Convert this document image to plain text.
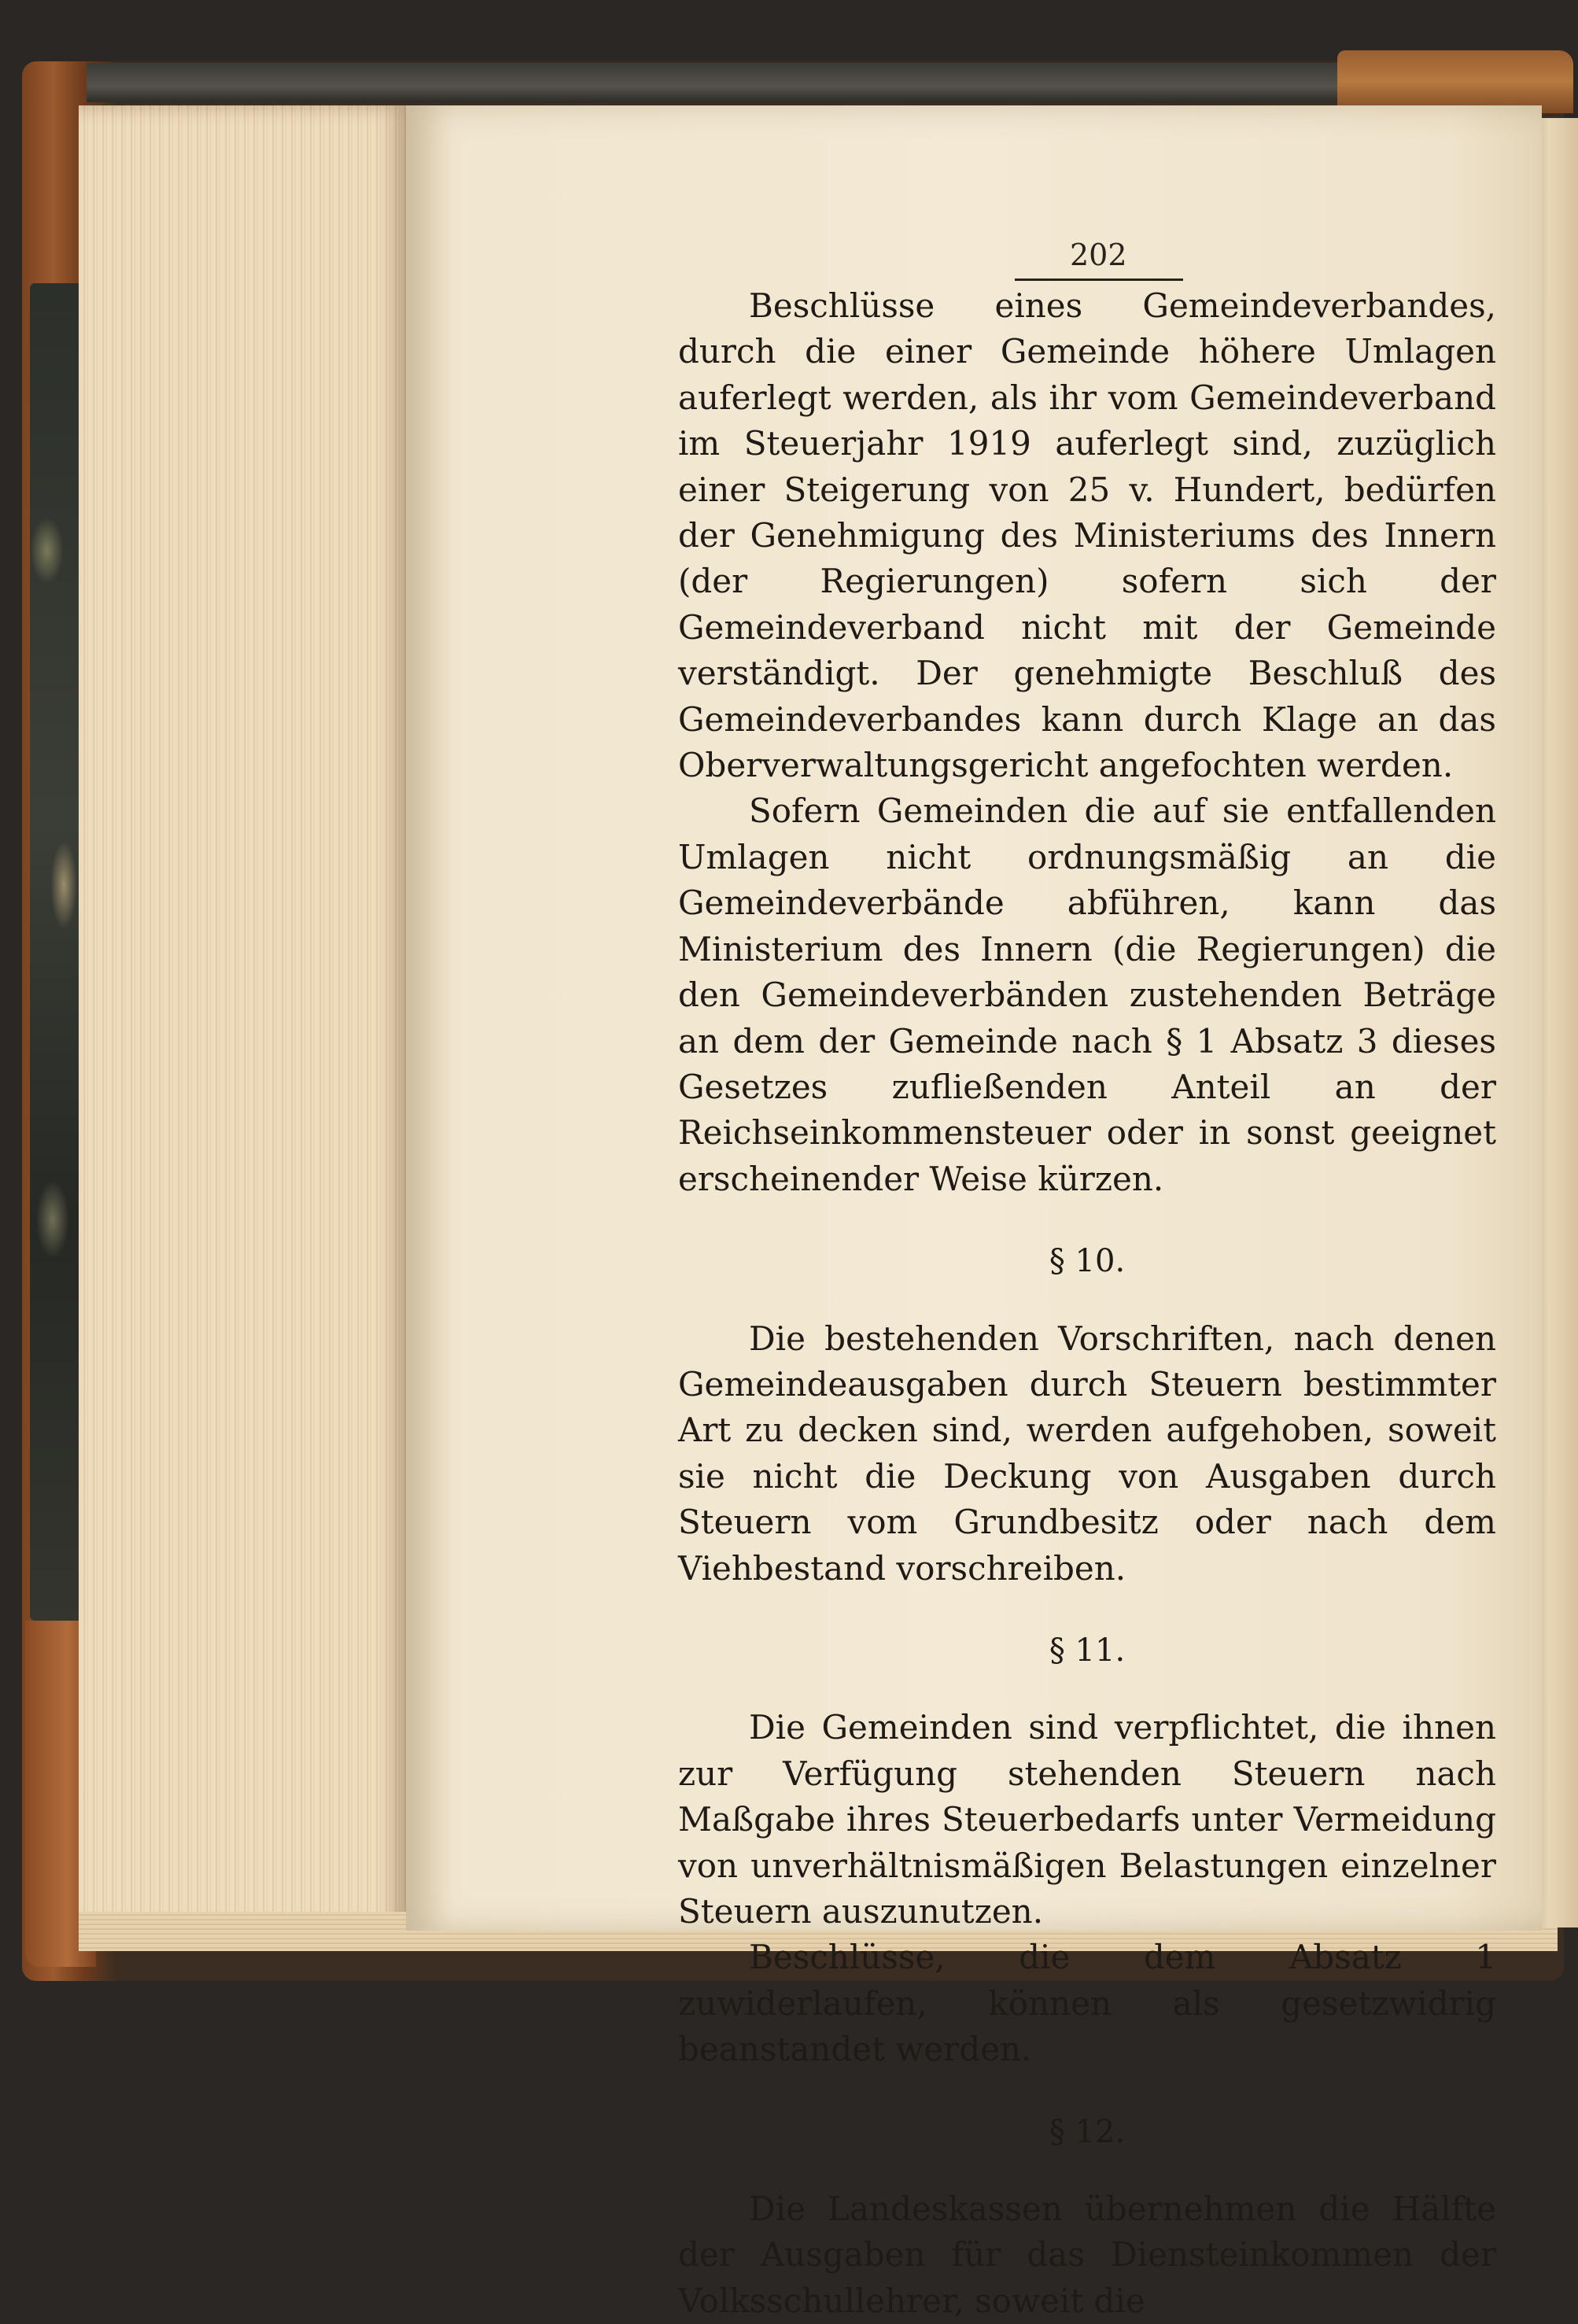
202

Beschlüsse eines Gemeindeverbandes, durch die einer Gemeinde höhere Umlagen auferlegt werden, als ihr vom Gemeindeverband im Steuerjahr 1919 auferlegt sind, zuzüglich einer Steigerung von 25 v. Hundert, bedürfen der Genehmigung des Ministeriums des Innern (der Regierungen) sofern sich der Gemeindeverband nicht mit der Gemeinde verständigt. Der genehmigte Beschluß des Gemeindeverbandes kann durch Klage an das Oberverwaltungsgericht angefochten werden.

Sofern Gemeinden die auf sie entfallenden Umlagen nicht ordnungsmäßig an die Gemeindeverbände abführen, kann das Ministerium des Innern (die Regierungen) die den Gemeindeverbänden zustehenden Beträge an dem der Gemeinde nach § 1 Absatz 3 dieses Gesetzes zufließenden Anteil an der Reichseinkommensteuer oder in sonst geeignet erscheinender Weise kürzen.

§ 10.

Die bestehenden Vorschriften, nach denen Gemeindeausgaben durch Steuern bestimmter Art zu decken sind, werden aufgehoben, soweit sie nicht die Deckung von Ausgaben durch Steuern vom Grundbesitz oder nach dem Viehbestand vorschreiben.

§ 11.

Die Gemeinden sind verpflichtet, die ihnen zur Verfügung stehenden Steuern nach Maßgabe ihres Steuerbedarfs unter Vermeidung von unverhältnismäßigen Belastungen einzelner Steuern auszunutzen.

Beschlüsse, die dem Absatz 1 zuwiderlaufen, können als gesetzwidrig beanstandet werden.

§ 12.

Die Landeskassen übernehmen die Hälfte der Ausgaben für das Diensteinkommen der Volksschullehrer, soweit die
